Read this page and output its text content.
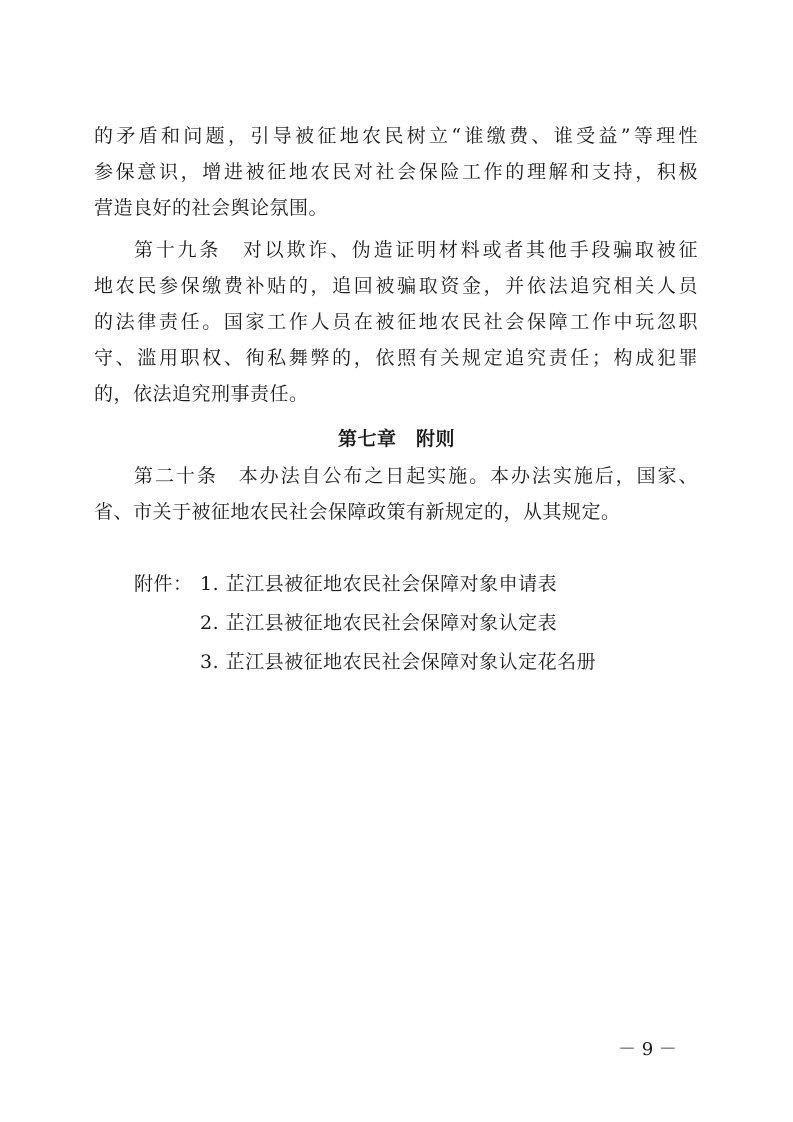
的矛盾和问题，引导被征地农民树立“谁缴费、谁受益”等理性
参保意识，增进被征地农民对社会保险工作的理解和支持，积极
营造良好的社会舆论氛围。
第十九条　对以欺诈、伪造证明材料或者其他手段骗取被征
地农民参保缴费补贴的，追回被骗取资金，并依法追究相关人员
的法律责任。国家工作人员在被征地农民社会保障工作中玩忽职
守、滥用职权、徇私舞弊的，依照有关规定追究责任；构成犯罪
的，依法追究刑事责任。
第七章　附则
第二十条　本办法自公布之日起实施。本办法实施后，国家、
省、市关于被征地农民社会保障政策有新规定的，从其规定。
附件： 1. 芷江县被征地农民社会保障对象申请表
2. 芷江县被征地农民社会保障对象认定表
3. 芷江县被征地农民社会保障对象认定花名册
－ 9 －
